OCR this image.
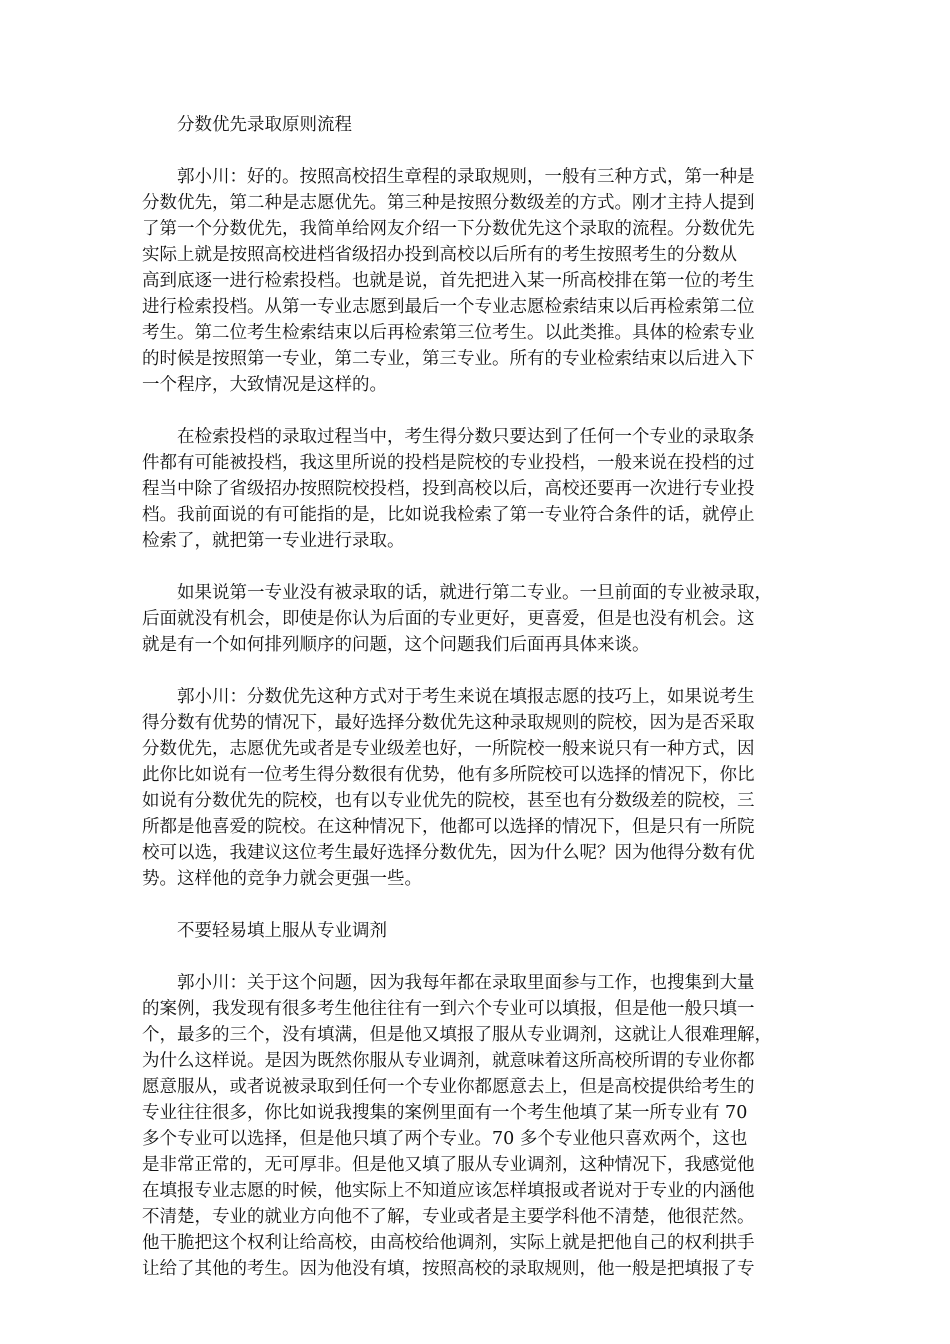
分数优先录取原则流程
郭小川：好的。按照高校招生章程的录取规则，一般有三种方式，第一种是
分数优先，第二种是志愿优先。第三种是按照分数级差的方式。刚才主持人提到
了第一个分数优先，我简单给网友介绍一下分数优先这个录取的流程。分数优先
实际上就是按照高校进档省级招办投到高校以后所有的考生按照考生的分数从
高到底逐一进行检索投档。也就是说，首先把进入某一所高校排在第一位的考生
进行检索投档。从第一专业志愿到最后一个专业志愿检索结束以后再检索第二位
考生。第二位考生检索结束以后再检索第三位考生。以此类推。具体的检索专业
的时候是按照第一专业，第二专业，第三专业。所有的专业检索结束以后进入下
一个程序，大致情况是这样的。
在检索投档的录取过程当中，考生得分数只要达到了任何一个专业的录取条
件都有可能被投档，我这里所说的投档是院校的专业投档，一般来说在投档的过
程当中除了省级招办按照院校投档，投到高校以后，高校还要再一次进行专业投
档。我前面说的有可能指的是，比如说我检索了第一专业符合条件的话，就停止
检索了，就把第一专业进行录取。
如果说第一专业没有被录取的话，就进行第二专业。一旦前面的专业被录取，
后面就没有机会，即使是你认为后面的专业更好，更喜爱，但是也没有机会。这
就是有一个如何排列顺序的问题，这个问题我们后面再具体来谈。
郭小川：分数优先这种方式对于考生来说在填报志愿的技巧上，如果说考生
得分数有优势的情况下，最好选择分数优先这种录取规则的院校，因为是否采取
分数优先，志愿优先或者是专业级差也好，一所院校一般来说只有一种方式，因
此你比如说有一位考生得分数很有优势，他有多所院校可以选择的情况下，你比
如说有分数优先的院校，也有以专业优先的院校，甚至也有分数级差的院校，三
所都是他喜爱的院校。在这种情况下，他都可以选择的情况下，但是只有一所院
校可以选，我建议这位考生最好选择分数优先，因为什么呢？因为他得分数有优
势。这样他的竞争力就会更强一些。
不要轻易填上服从专业调剂
郭小川：关于这个问题，因为我每年都在录取里面参与工作，也搜集到大量
的案例，我发现有很多考生他往往有一到六个专业可以填报，但是他一般只填一
个，最多的三个，没有填满，但是他又填报了服从专业调剂，这就让人很难理解，
为什么这样说。是因为既然你服从专业调剂，就意味着这所高校所谓的专业你都
愿意服从，或者说被录取到任何一个专业你都愿意去上，但是高校提供给考生的
专业往往很多，你比如说我搜集的案例里面有一个考生他填了某一所专业有 70
多个专业可以选择，但是他只填了两个专业。70 多个专业他只喜欢两个，这也
是非常正常的，无可厚非。但是他又填了服从专业调剂，这种情况下，我感觉他
在填报专业志愿的时候，他实际上不知道应该怎样填报或者说对于专业的内涵他
不清楚，专业的就业方向他不了解，专业或者是主要学科他不清楚，他很茫然。
他干脆把这个权利让给高校，由高校给他调剂，实际上就是把他自己的权利拱手
让给了其他的考生。因为他没有填，按照高校的录取规则，他一般是把填报了专
